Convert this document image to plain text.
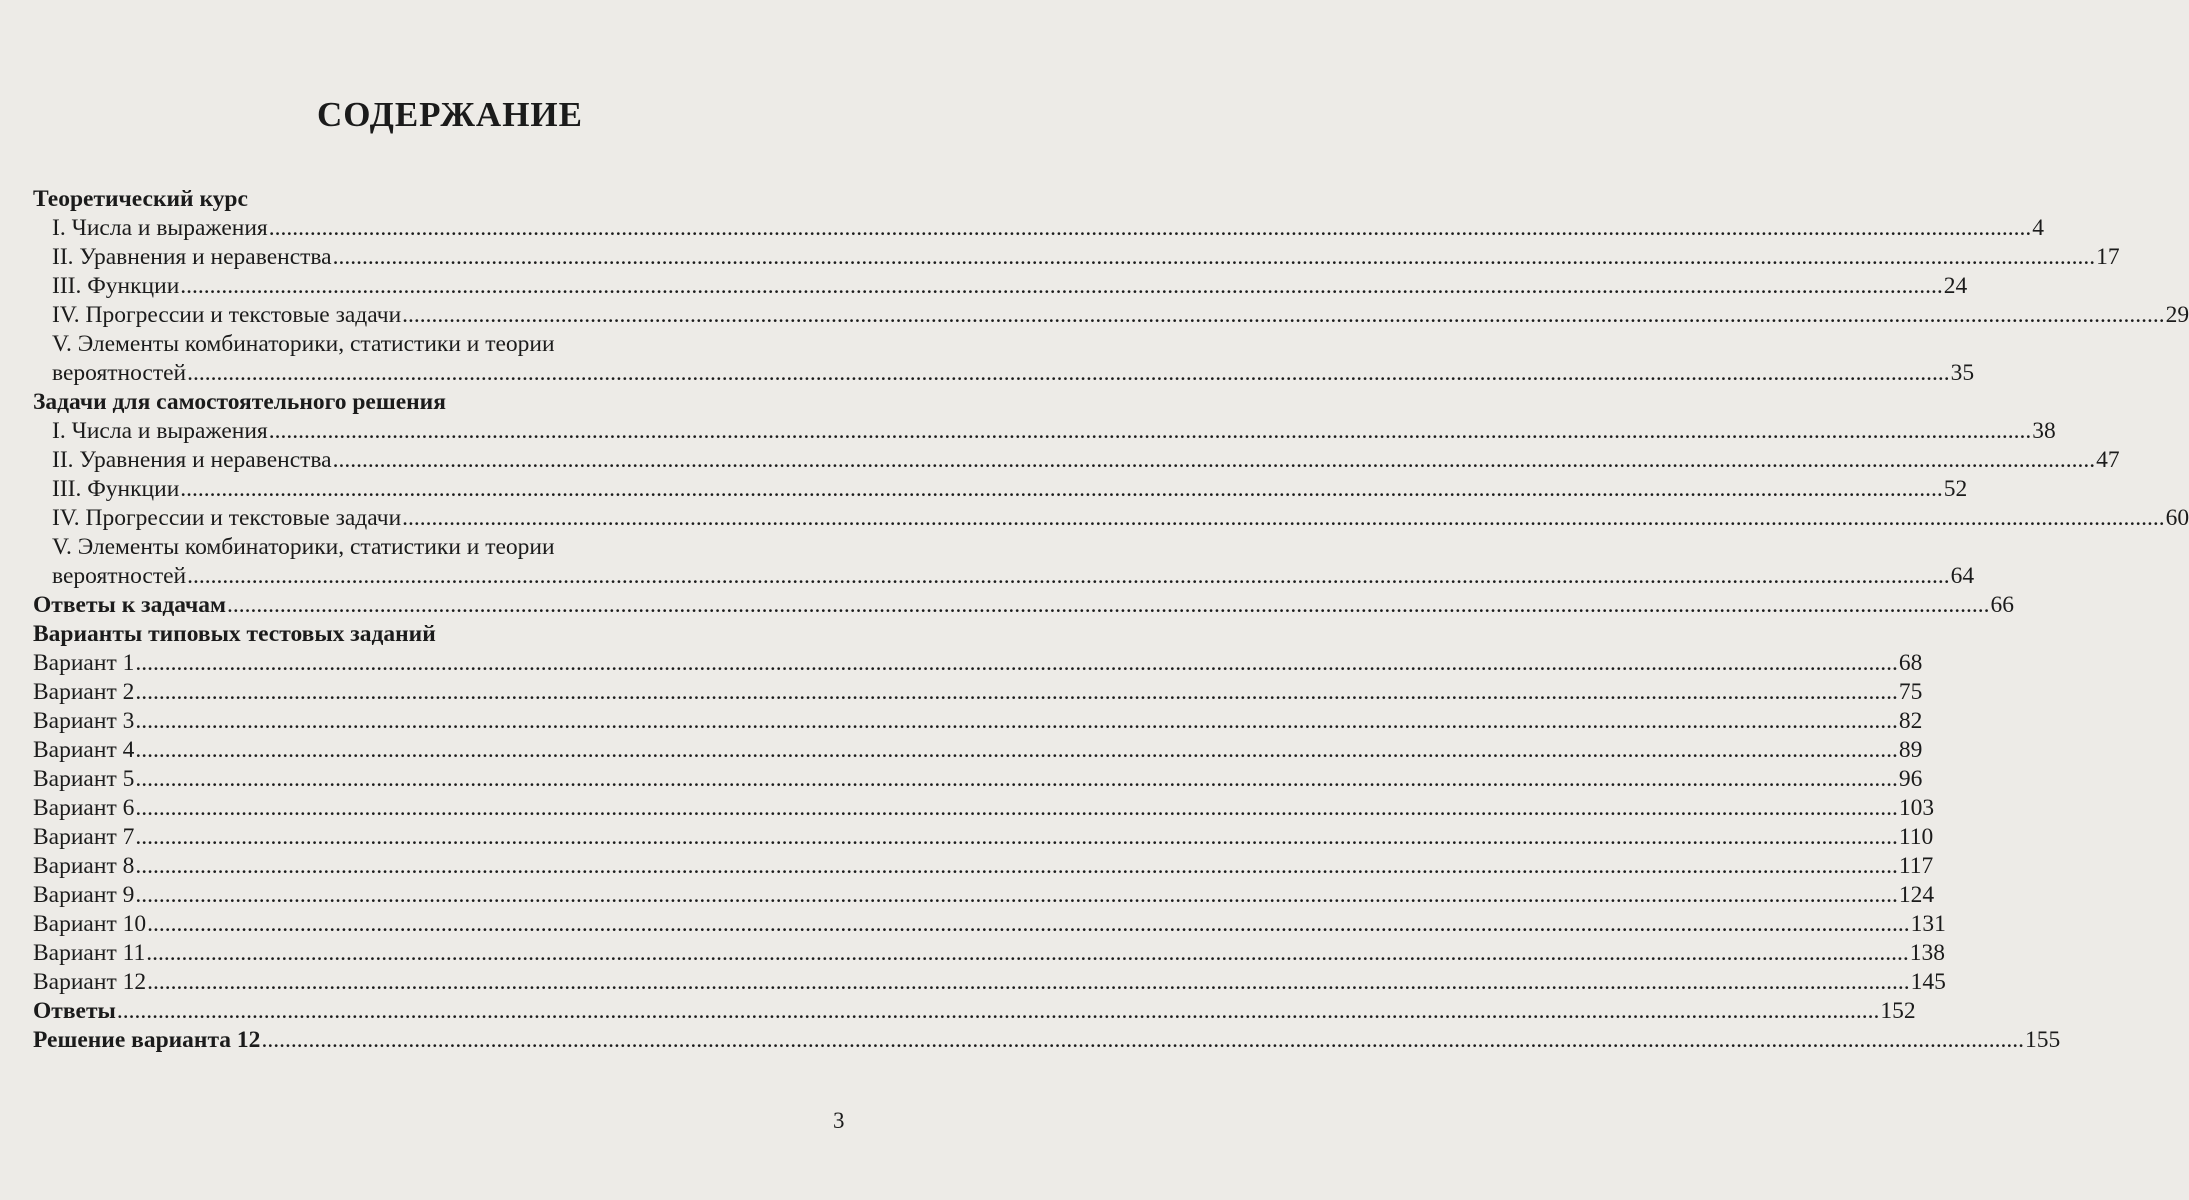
СОДЕРЖАНИЕ
Теоретический курс
I. Числа и выражения ............................................................................................................................................................................................................................................................................................................ 4
II. Уравнения и неравенства ............................................................................................................................................................................................................................................................................................................ 17
III. Функции ............................................................................................................................................................................................................................................................................................................ 24
IV. Прогрессии и текстовые задачи ............................................................................................................................................................................................................................................................................................................ 29
V. Элементы комбинаторики, статистики и теории
вероятностей ............................................................................................................................................................................................................................................................................................................ 35
Задачи для самостоятельного решения
I. Числа и выражения ............................................................................................................................................................................................................................................................................................................ 38
II. Уравнения и неравенства ............................................................................................................................................................................................................................................................................................................ 47
III. Функции ............................................................................................................................................................................................................................................................................................................ 52
IV. Прогрессии и текстовые задачи ............................................................................................................................................................................................................................................................................................................ 60
V. Элементы комбинаторики, статистики и теории
вероятностей ............................................................................................................................................................................................................................................................................................................ 64
Ответы к задачам ............................................................................................................................................................................................................................................................................................................ 66
Варианты типовых тестовых заданий
Вариант 1 ............................................................................................................................................................................................................................................................................................................ 68
Вариант 2 ............................................................................................................................................................................................................................................................................................................ 75
Вариант 3 ............................................................................................................................................................................................................................................................................................................ 82
Вариант 4 ............................................................................................................................................................................................................................................................................................................ 89
Вариант 5 ............................................................................................................................................................................................................................................................................................................ 96
Вариант 6 ............................................................................................................................................................................................................................................................................................................ 103
Вариант 7 ............................................................................................................................................................................................................................................................................................................ 110
Вариант 8 ............................................................................................................................................................................................................................................................................................................ 117
Вариант 9 ............................................................................................................................................................................................................................................................................................................ 124
Вариант 10 ............................................................................................................................................................................................................................................................................................................ 131
Вариант 11 ............................................................................................................................................................................................................................................................................................................ 138
Вариант 12 ............................................................................................................................................................................................................................................................................................................ 145
Ответы ............................................................................................................................................................................................................................................................................................................ 152
Решение варианта 12 ............................................................................................................................................................................................................................................................................................................ 155
3
